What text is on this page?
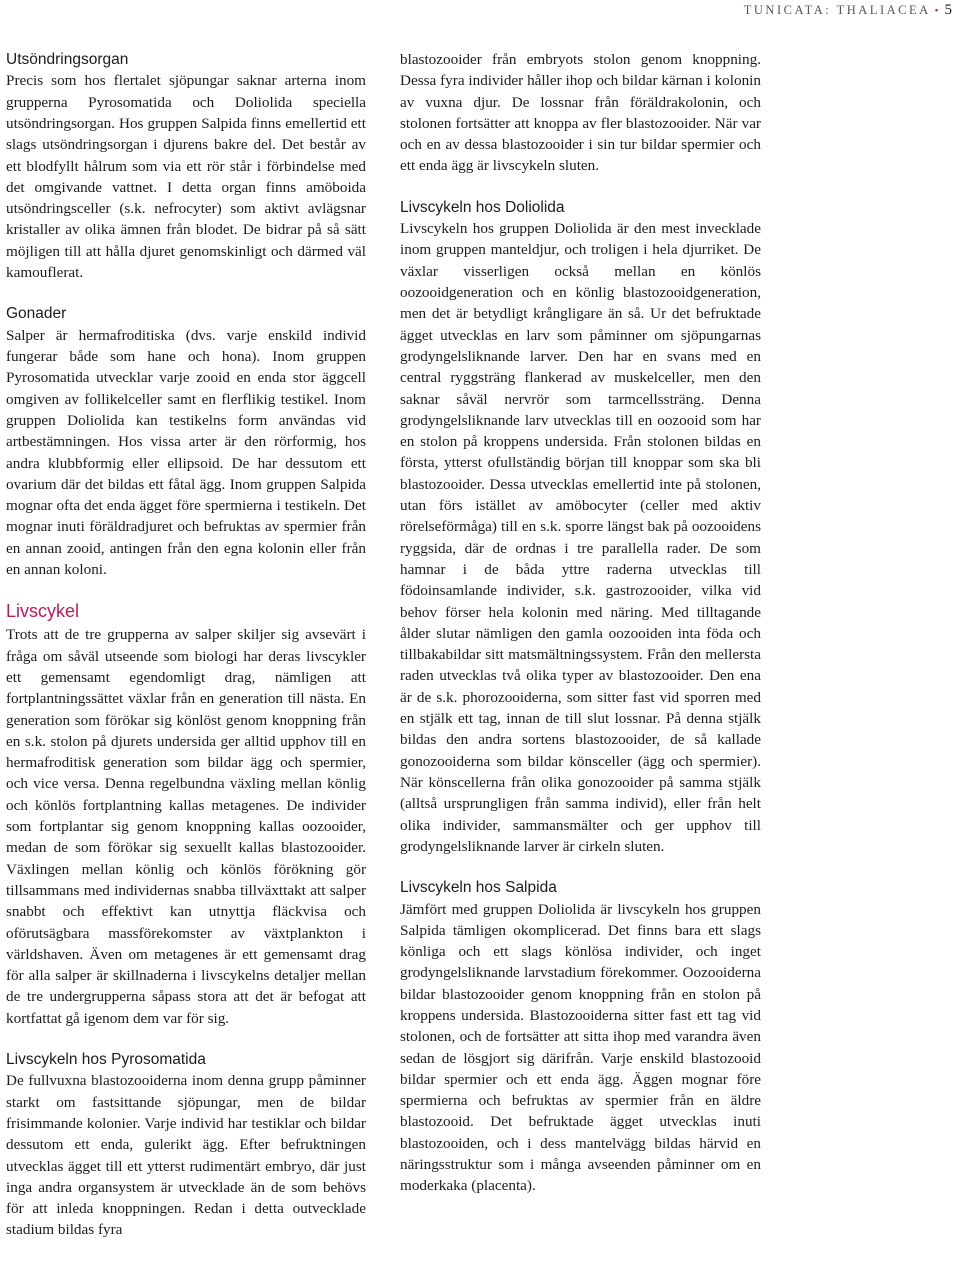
TUNICATA: THALIACEA • 5
Utsöndringsorgan

Precis som hos flertalet sjöpungar saknar arterna inom grupperna Pyrosomatida och Doliolida speciella utsöndringsorgan. Hos gruppen Salpida finns emellertid ett slags utsöndringsorgan i djurens bakre del. Det består av ett blodfyllt hålrum som via ett rör står i förbindelse med det omgivande vattnet. I detta organ finns amöboida utsöndringsceller (s.k. nefrocyter) som aktivt avlägsnar kristaller av olika ämnen från blodet. De bidrar på så sätt möjligen till att hålla djuret genomskinligt och därmed väl kamouflerat.

Gonader

Salper är hermafroditiska (dvs. varje enskild individ fungerar både som hane och hona). Inom gruppen Pyrosomatida utvecklar varje zooid en enda stor äggcell omgiven av follikelceller samt en flerflikig testikel. Inom gruppen Doliolida kan testikelns form användas vid artbestämningen. Hos vissa arter är den rörformig, hos andra klubbformig eller ellipsoid. De har dessutom ett ovarium där det bildas ett fåtal ägg. Inom gruppen Salpida mognar ofta det enda ägget före spermierna i testikeln. Det mognar inuti föräldradjuret och befruktas av spermier från en annan zooid, antingen från den egna kolonin eller från en annan koloni.

Livscykel

Trots att de tre grupperna av salper skiljer sig avsevärt i fråga om såväl utseende som biologi har deras livscykler ett gemensamt egendomligt drag, nämligen att fortplantningssättet växlar från en generation till nästa. En generation som förökar sig könlöst genom knoppning från en s.k. stolon på djurets undersida ger alltid upphov till en hermafroditisk generation som bildar ägg och spermier, och vice versa. Denna regelbundna växling mellan könlig och könlös fortplantning kallas metagenes. De individer som fortplantar sig genom knoppning kallas oozooider, medan de som förökar sig sexuellt kallas blastozooider. Växlingen mellan könlig och könlös förökning gör tillsammans med individernas snabba tillväxttakt att salper snabbt och effektivt kan utnyttja fläckvisa och oförutsägbara massförekomster av växtplankton i världshaven. Även om metagenes är ett gemensamt drag för alla salper är skillnaderna i livscykelns detaljer mellan de tre undergrupperna såpass stora att det är befogat att kortfattat gå igenom dem var för sig.

Livscykeln hos Pyrosomatida

De fullvuxna blastozooiderna inom denna grupp påminner starkt om fastsittande sjöpungar, men de bildar frisimmande kolonier. Varje individ har testiklar och bildar dessutom ett enda, gulerikt ägg. Efter befruktningen utvecklas ägget till ett ytterst rudimentärt embryo, där just inga andra organsystem är utvecklade än de som behövs för att inleda knoppningen. Redan i detta outvecklade stadium bildas fyra

blastozooider från embryots stolon genom knoppning. Dessa fyra individer håller ihop och bildar kärnan i kolonin av vuxna djur. De lossnar från föräldrakolonin, och stolonen fortsätter att knoppa av fler blastozooider. När var och en av dessa blastozooider i sin tur bildar spermier och ett enda ägg är livscykeln sluten.

Livscykeln hos Doliolida

Livscykeln hos gruppen Doliolida är den mest invecklade inom gruppen manteldjur, och troligen i hela djurriket. De växlar visserligen också mellan en könlös oozooidgeneration och en könlig blastozooidgeneration, men det är betydligt krångligare än så. Ur det befruktade ägget utvecklas en larv som påminner om sjöpungarnas grodyngelsliknande larver. Den har en svans med en central ryggsträng flankerad av muskelceller, men den saknar såväl nervrör som tarmcellssträng. Denna grodyngelsliknande larv utvecklas till en oozooid som har en stolon på kroppens undersida. Från stolonen bildas en första, ytterst ofullständig början till knoppar som ska bli blastozooider. Dessa utvecklas emellertid inte på stolonen, utan förs istället av amöbocyter (celler med aktiv rörelseförmåga) till en s.k. sporre längst bak på oozooidens ryggsida, där de ordnas i tre parallella rader. De som hamnar i de båda yttre raderna utvecklas till födoinsamlande individer, s.k. gastrozooider, vilka vid behov förser hela kolonin med näring. Med tilltagande ålder slutar nämligen den gamla oozooiden inta föda och tillbakabildar sitt matsmältningssystem. Från den mellersta raden utvecklas två olika typer av blastozooider. Den ena är de s.k. phorozooiderna, som sitter fast vid sporren med en stjälk ett tag, innan de till slut lossnar. På denna stjälk bildas den andra sortens blastozooider, de så kallade gonozooiderna som bildar könsceller (ägg och spermier). När könscellerna från olika gonozooider på samma stjälk (alltså ursprungligen från samma individ), eller från helt olika individer, sammansmälter och ger upphov till grodyngelsliknande larver är cirkeln sluten.

Livscykeln hos Salpida

Jämfört med gruppen Doliolida är livscykeln hos gruppen Salpida tämligen okomplicerad. Det finns bara ett slags könliga och ett slags könlösa individer, och inget grodyngelsliknande larvstadium förekommer. Oozooiderna bildar blastozooider genom knoppning från en stolon på kroppens undersida. Blastozooiderna sitter fast ett tag vid stolonen, och de fortsätter att sitta ihop med varandra även sedan de lösgjort sig därifrån. Varje enskild blastozooid bildar spermier och ett enda ägg. Äggen mognar före spermierna och befruktas av spermier från en äldre blastozooid. Det befruktade ägget utvecklas inuti blastozooiden, och i dess mantelvägg bildas härvid en näringsstruktur som i många avseenden påminner om en moderkaka (placenta).
